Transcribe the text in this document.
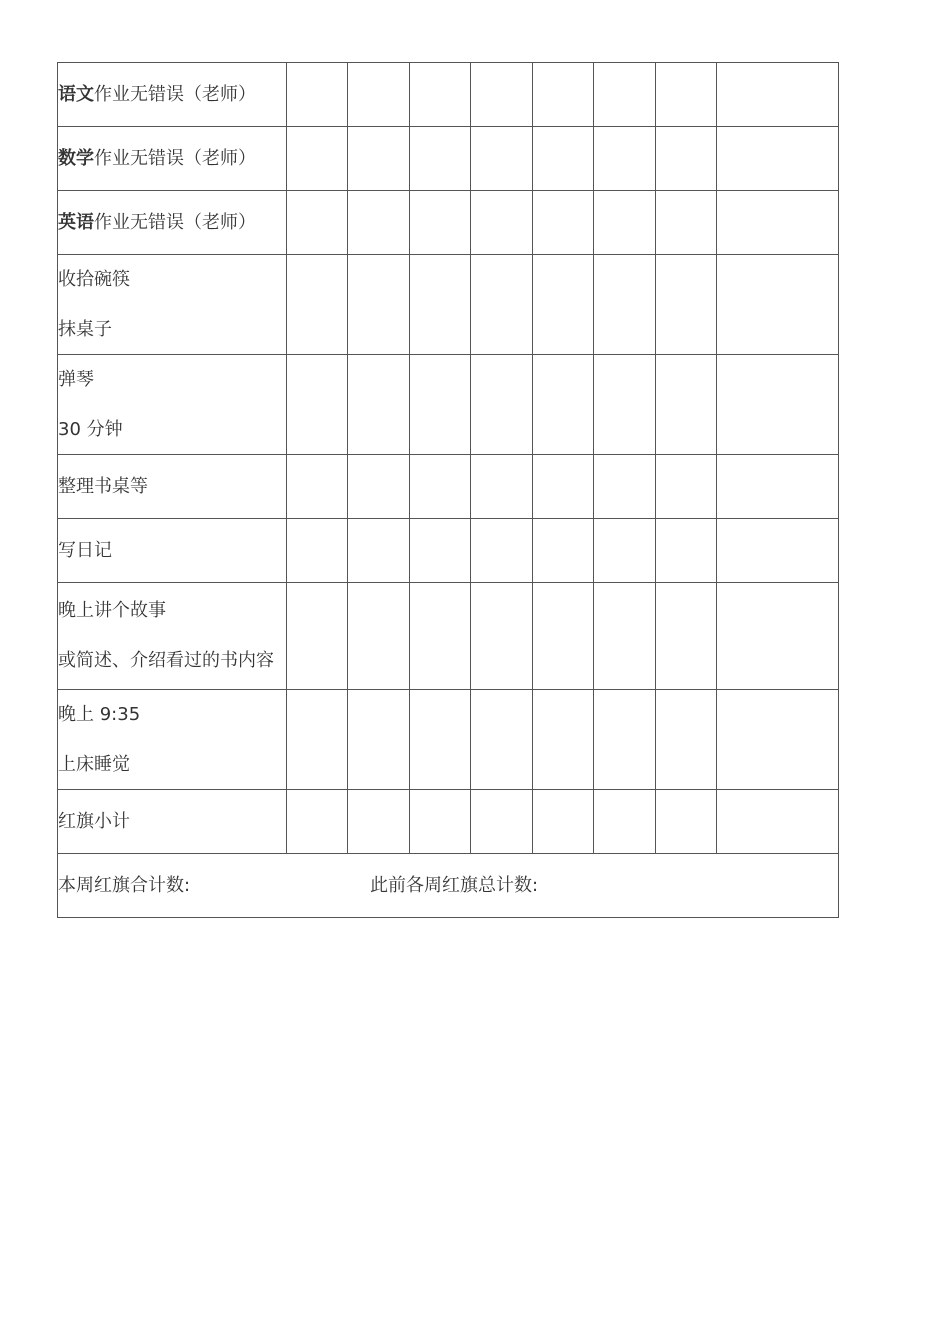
语文作业无错误（老师）								
数学作业无错误（老师）								
英语作业无错误（老师）								

收拾碗筷
抹桌子								

弹琴
30 分钟								

整理书桌等								
写日记								

晚上讲个故事
或简述、介绍看过的书内容								

晚上 9:35
上床睡觉								

红旗小计								

本周红旗合计数: 此前各周红旗总计数:								
